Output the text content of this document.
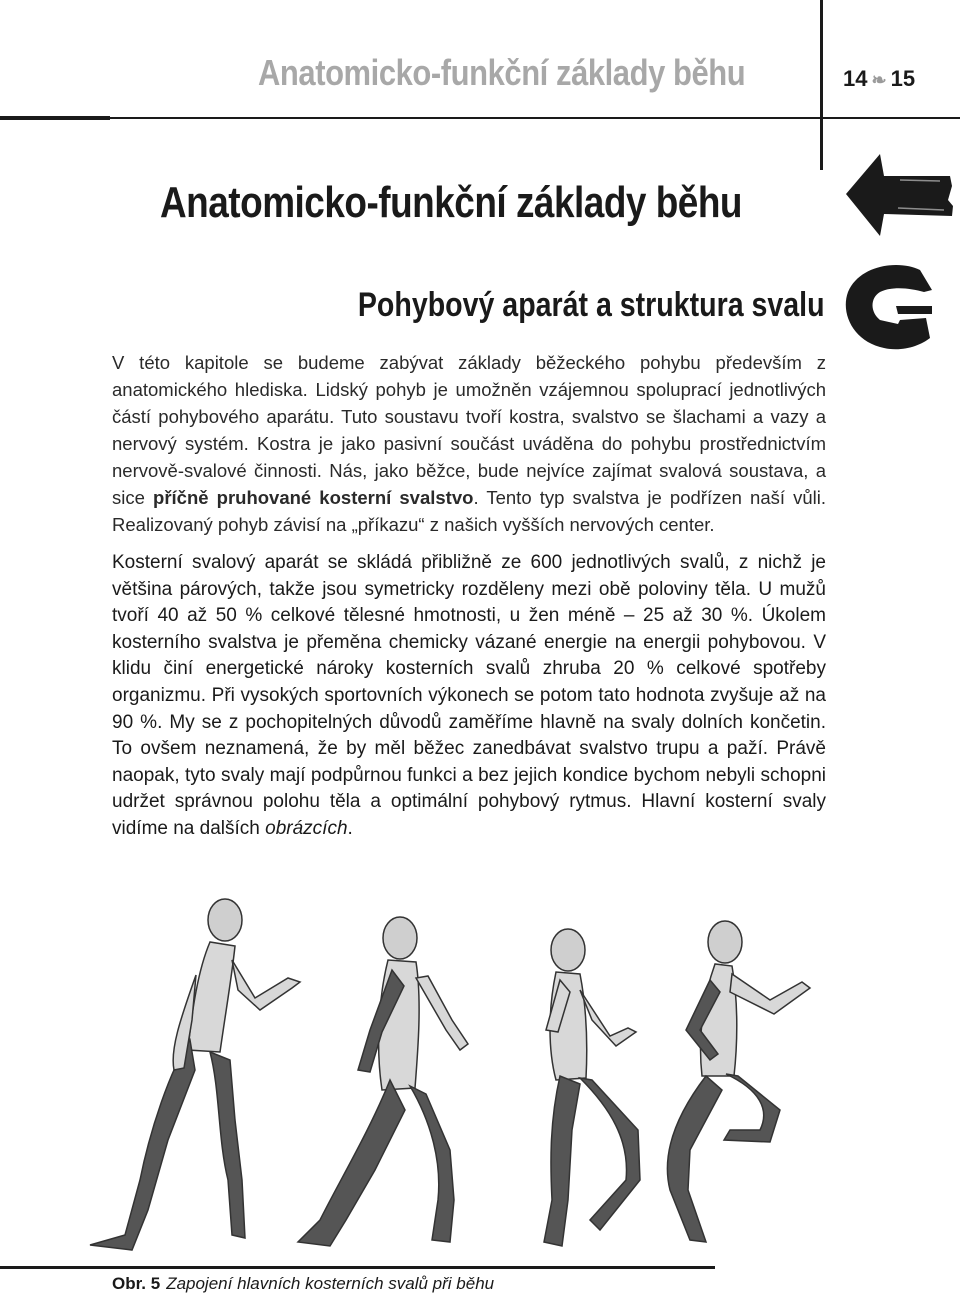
Anatomicko-funkční základy běhu	14 ❧ 15
Anatomicko-funkční základy běhu
Pohybový aparát a struktura svalu

V této kapitole se budeme zabývat základy běžeckého pohybu především z anatomického hlediska. Lidský pohyb je umožněn vzájemnou spoluprací jednotlivých částí pohybového aparátu. Tuto soustavu tvoří kostra, svalstvo se šlachami a vazy a nervový systém. Kostra je jako pasivní součást uváděna do pohybu prostřednictvím nervově-svalové činnosti. Nás, jako běžce, bude nejvíce zajímat svalová soustava, a sice příčně pruhované kosterní svalstvo. Tento typ svalstva je podřízen naší vůli. Realizovaný pohyb závisí na „příkazu“ z našich vyšších nervových center.

Kosterní svalový aparát se skládá přibližně ze 600 jednotlivých svalů, z nichž je většina párových, takže jsou symetricky rozděleny mezi obě poloviny těla. U mužů tvoří 40 až 50 % celkové tělesné hmotnosti, u žen méně – 25 až 30 %. Úkolem kosterního svalstva je přeměna chemicky vázané energie na energii pohybovou. V klidu činí energetické nároky kosterních svalů zhruba 20 % celkové spotřeby organizmu. Při vysokých sportovních výkonech se potom tato hodnota zvyšuje až na 90 %. My se z pochopitelných důvodů zaměříme hlavně na svaly dolních končetin. To ovšem neznamená, že by měl běžec zanedbávat svalstvo trupu a paží. Právě naopak, tyto svaly mají podpůrnou funkci a bez jejich kondice bychom nebyli schopni udržet správnou polohu těla a optimální pohybový rytmus. Hlavní kosterní svaly vidíme na dalších obrázcích.

Obr. 5 Zapojení hlavních kosterních svalů při běhu
